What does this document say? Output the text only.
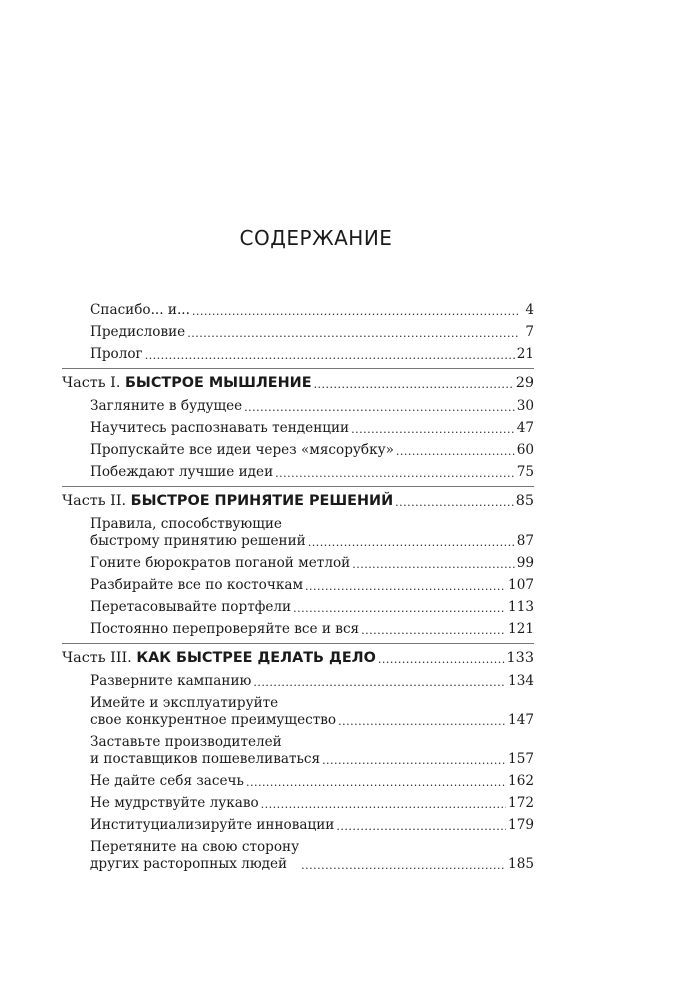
СОДЕРЖАНИЕ
Спасибо... и... .....	4
Предисловие .....	7
Пролог .....	21
Часть I. БЫСТРОЕ МЫШЛЕНИЕ .....	29
Загляните в будущее .....	30
Научитесь распознавать тенденции .....	47
Пропускайте все идеи через «мясорубку» .....	60
Побеждают лучшие идеи .....	75
Часть II. БЫСТРОЕ ПРИНЯТИЕ РЕШЕНИЙ .....	85
Правила, способствующие
быстрому принятию решений .....	87
Гоните бюрократов поганой метлой .....	99
Разбирайте все по косточкам .....	107
Перетасовывайте портфели .....	113
Постоянно перепроверяйте все и вся .....	121
Часть III. КАК БЫСТРЕЕ ДЕЛАТЬ ДЕЛО .....	133
Разверните кампанию .....	134
Имейте и эксплуатируйте
свое конкурентное преимущество .....	147
Заставьте производителей
и поставщиков пошевеливаться .....	157
Не дайте себя засечь .....	162
Не мудрствуйте лукаво .....	172
Институциализируйте инновации .....	179
Перетяните на свою сторону
других расторопных людей .....	185
